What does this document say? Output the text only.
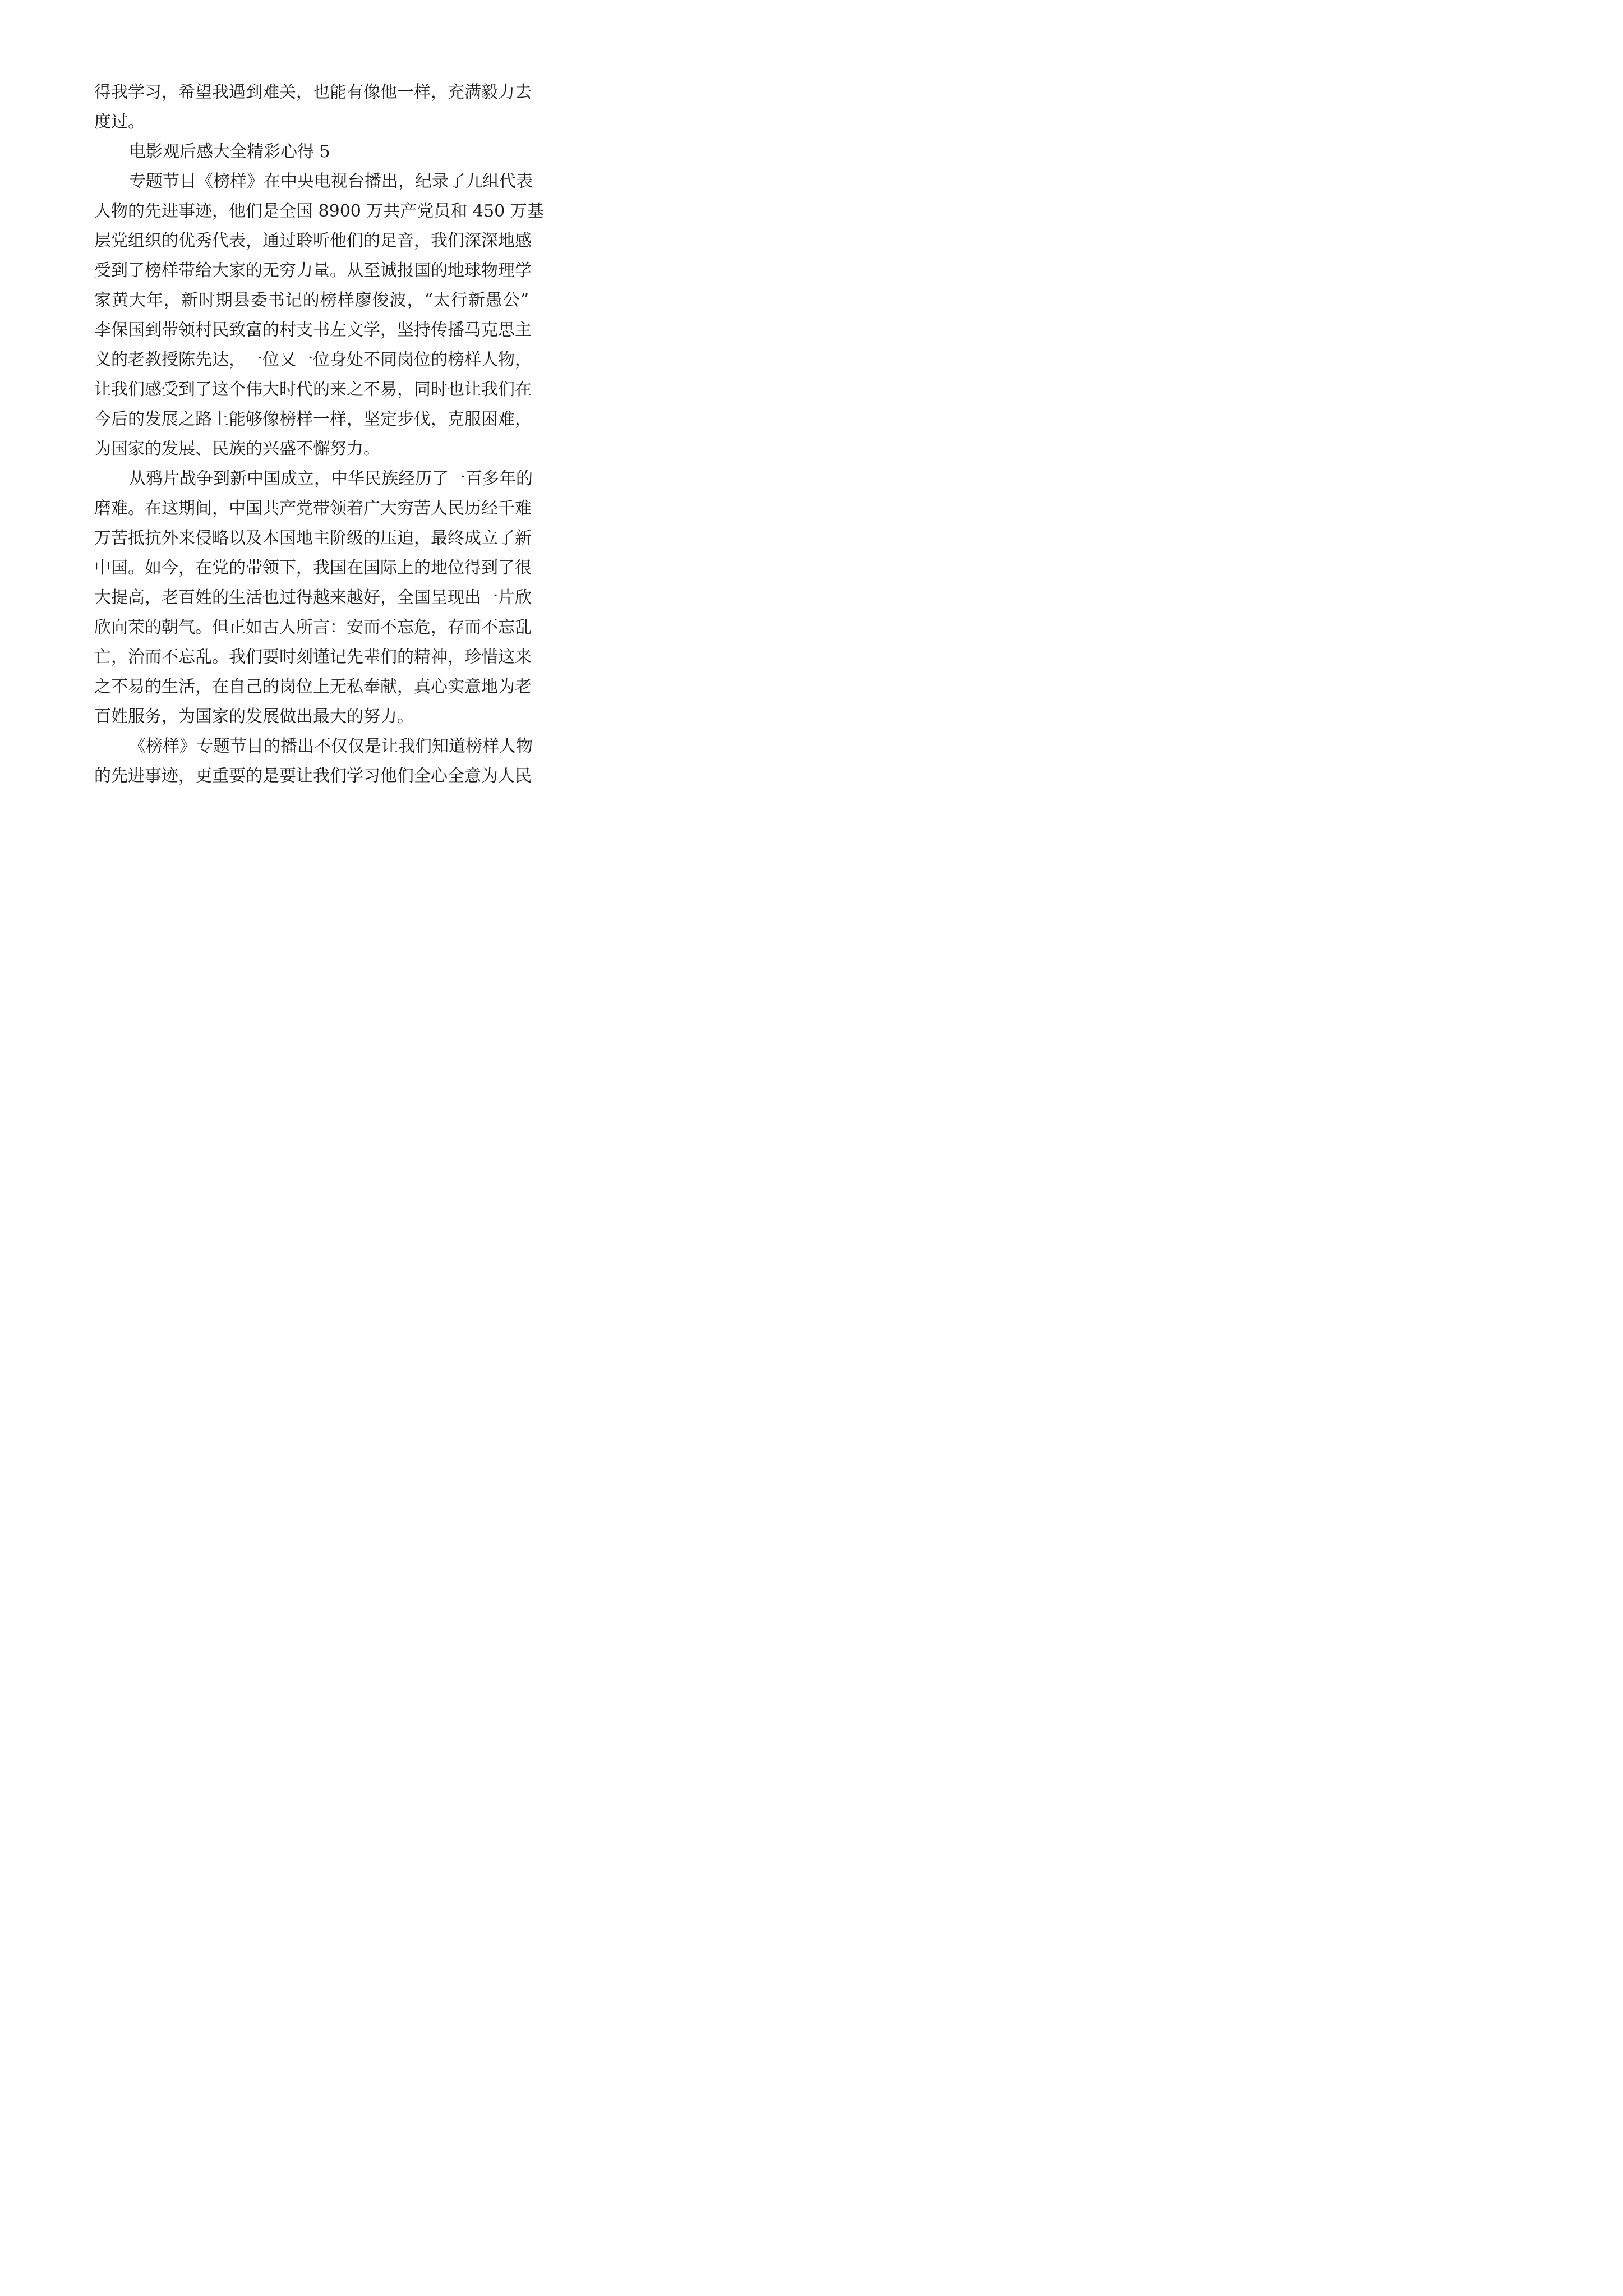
得我学习，希望我遇到难关，也能有像他一样，充满毅力去
度过。
电影观后感大全精彩心得 5
专题节目《榜样》在中央电视台播出，纪录了九组代表
人物的先进事迹，他们是全国 8900 万共产党员和 450 万基
层党组织的优秀代表，通过聆听他们的足音，我们深深地感
受到了榜样带给大家的无穷力量。从至诚报国的地球物理学
家黄大年，新时期县委书记的榜样廖俊波，“太行新愚公”
李保国到带领村民致富的村支书左文学，坚持传播马克思主
义的老教授陈先达，一位又一位身处不同岗位的榜样人物，
让我们感受到了这个伟大时代的来之不易，同时也让我们在
今后的发展之路上能够像榜样一样，坚定步伐，克服困难，
为国家的发展、民族的兴盛不懈努力。
从鸦片战争到新中国成立，中华民族经历了一百多年的
磨难。在这期间，中国共产党带领着广大穷苦人民历经千难
万苦抵抗外来侵略以及本国地主阶级的压迫，最终成立了新
中国。如今，在党的带领下，我国在国际上的地位得到了很
大提高，老百姓的生活也过得越来越好，全国呈现出一片欣
欣向荣的朝气。但正如古人所言：安而不忘危，存而不忘乱
亡，治而不忘乱。我们要时刻谨记先辈们的精神，珍惜这来
之不易的生活，在自己的岗位上无私奉献，真心实意地为老
百姓服务，为国家的发展做出最大的努力。
《榜样》专题节目的播出不仅仅是让我们知道榜样人物
的先进事迹，更重要的是要让我们学习他们全心全意为人民
